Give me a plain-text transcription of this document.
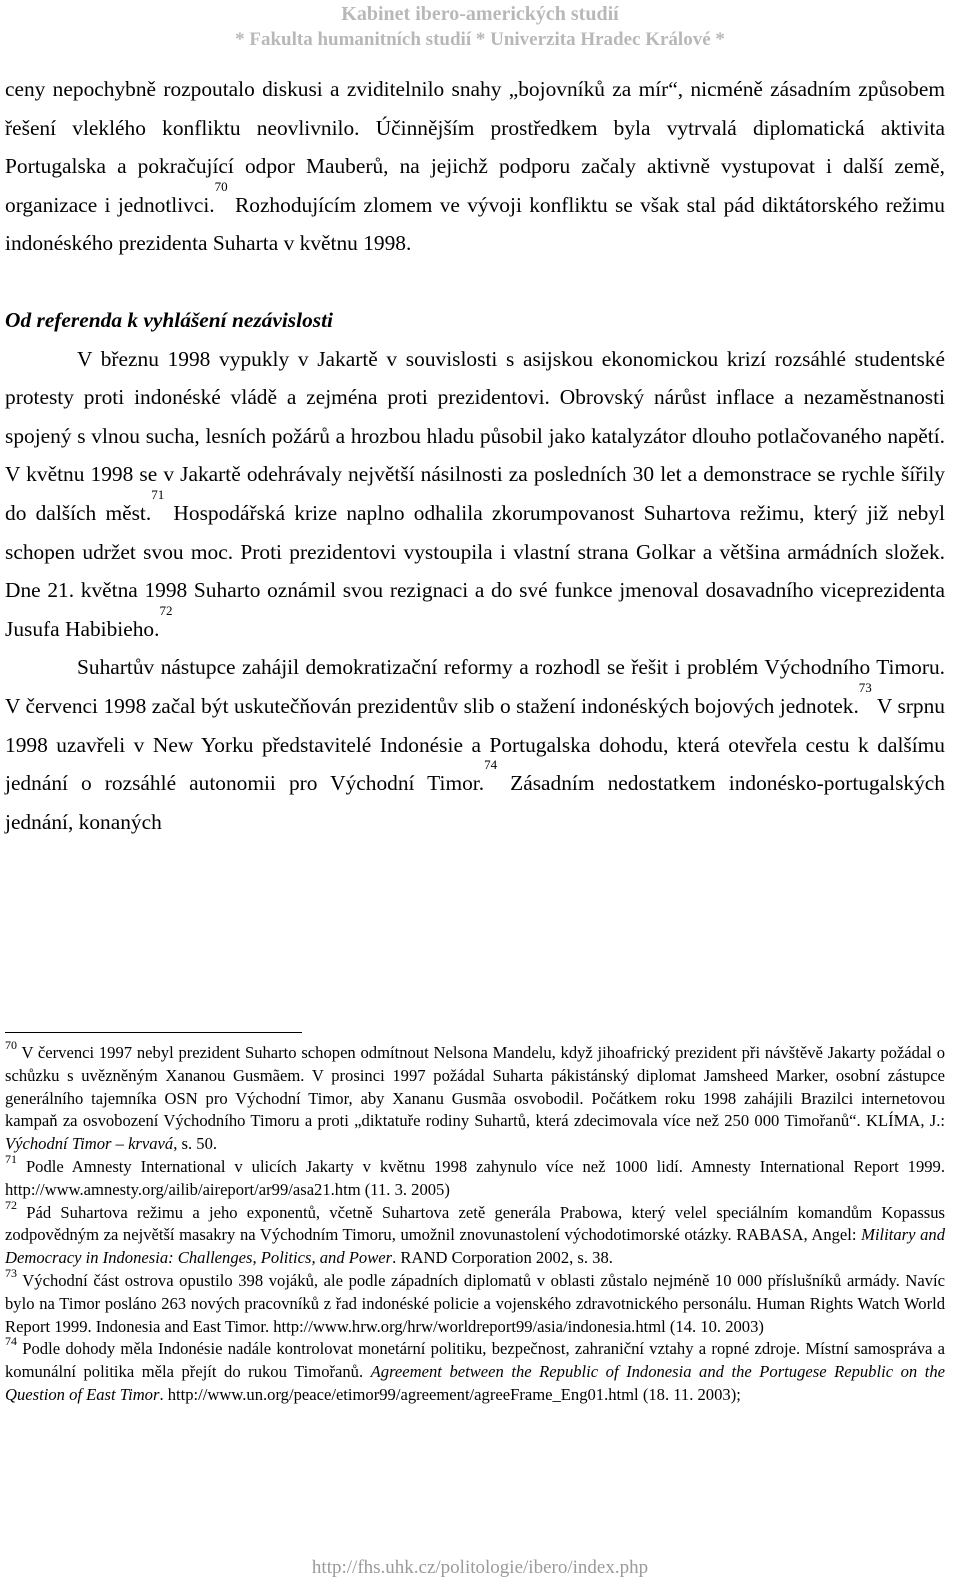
Kabinet ibero-amerických studií
* Fakulta humanitních studií * Univerzita Hradec Králové *

ceny nepochybně rozpoutalo diskusi a zviditelnilo snahy „bojovníků za mír“, nicméně zásadním způsobem řešení vleklého konfliktu neovlivnilo. Účinnějším prostředkem byla vytrvalá diplomatická aktivita Portugalska a pokračující odpor Mauberů, na jejichž podporu začaly aktivně vystupovat i další země, organizace i jednotlivci.$^{70}$ Rozhodujícím zlomem ve vývoji konfliktu se však stal pád diktátorského režimu indonéského prezidenta Suharta v květnu 1998.

Od referenda k vyhlášení nezávislosti

V březnu 1998 vypukly v Jakartě v souvislosti s asijskou ekonomickou krizí rozsáhlé studentské protesty proti indonéské vládě a zejména proti prezidentovi. Obrovský nárůst inflace a nezaměstnanosti spojený s vlnou sucha, lesních požárů a hrozbou hladu působil jako katalyzátor dlouho potlačovaného napětí. V květnu 1998 se v Jakartě odehrávaly největší násilnosti za posledních 30 let a demonstrace se rychle šířily do dalších měst.$^{71}$ Hospodářská krize naplno odhalila zkorumpovanost Suhartova režimu, který již nebyl schopen udržet svou moc. Proti prezidentovi vystoupila i vlastní strana Golkar a většina armádních složek. Dne 21. května 1998 Suharto oznámil svou rezignaci a do své funkce jmenoval dosavadního viceprezidenta Jusufa Habibieho.$^{72}$

Suhartův nástupce zahájil demokratizační reformy a rozhodl se řešit i problém Východního Timoru. V červenci 1998 začal být uskutečňován prezidentův slib o stažení indonéských bojových jednotek.$^{73}$ V srpnu 1998 uzavřeli v New Yorku představitelé Indonésie a Portugalska dohodu, která otevřela cestu k dalšímu jednání o rozsáhlé autonomii pro Východní Timor.$^{74}$ Zásadním nedostatkem indonésko-portugalských jednání, konaných

$^{70}$ V červenci 1997 nebyl prezident Suharto schopen odmítnout Nelsona Mandelu, když jihoafrický prezident při návštěvě Jakarty požádal o schůzku s uvězněným Xananou Gusmãem. V prosinci 1997 požádal Suharta pákistánský diplomat Jamsheed Marker, osobní zástupce generálního tajemníka OSN pro Východní Timor, aby Xananu Gusmãa osvobodil. Počátkem roku 1998 zahájili Brazilci internetovou kampaň za osvobození Východního Timoru a proti „diktatuře rodiny Suhartů, která zdecimovala více než 250 000 Timořanů“. KLÍMA, J.: Východní Timor – krvavá, s. 50.

$^{71}$ Podle Amnesty International v ulicích Jakarty v květnu 1998 zahynulo více než 1000 lidí. Amnesty International Report 1999. http://www.amnesty.org/ailib/aireport/ar99/asa21.htm (11. 3. 2005)

$^{72}$ Pád Suhartova režimu a jeho exponentů, včetně Suhartova zetě generála Prabowa, který velel speciálním komandům Kopassus zodpovědným za největší masakry na Východním Timoru, umožnil znovunastolení východotimorské otázky. RABASA, Angel: Military and Democracy in Indonesia: Challenges, Politics, and Power. RAND Corporation 2002, s. 38.

$^{73}$ Východní část ostrova opustilo 398 vojáků, ale podle západních diplomatů v oblasti zůstalo nejméně 10 000 příslušníků armády. Navíc bylo na Timor posláno 263 nových pracovníků z řad indonéské policie a vojenského zdravotnického personálu. Human Rights Watch World Report 1999. Indonesia and East Timor. http://www.hrw.org/hrw/worldreport99/asia/indonesia.html (14. 10. 2003)

$^{74}$ Podle dohody měla Indonésie nadále kontrolovat monetární politiku, bezpečnost, zahraniční vztahy a ropné zdroje. Místní samospráva a komunální politika měla přejít do rukou Timořanů. Agreement between the Republic of Indonesia and the Portugese Republic on the Question of East Timor. http://www.un.org/peace/etimor99/agreement/agreeFrame_Eng01.html (18. 11. 2003);

http://fhs.uhk.cz/politologie/ibero/index.php
